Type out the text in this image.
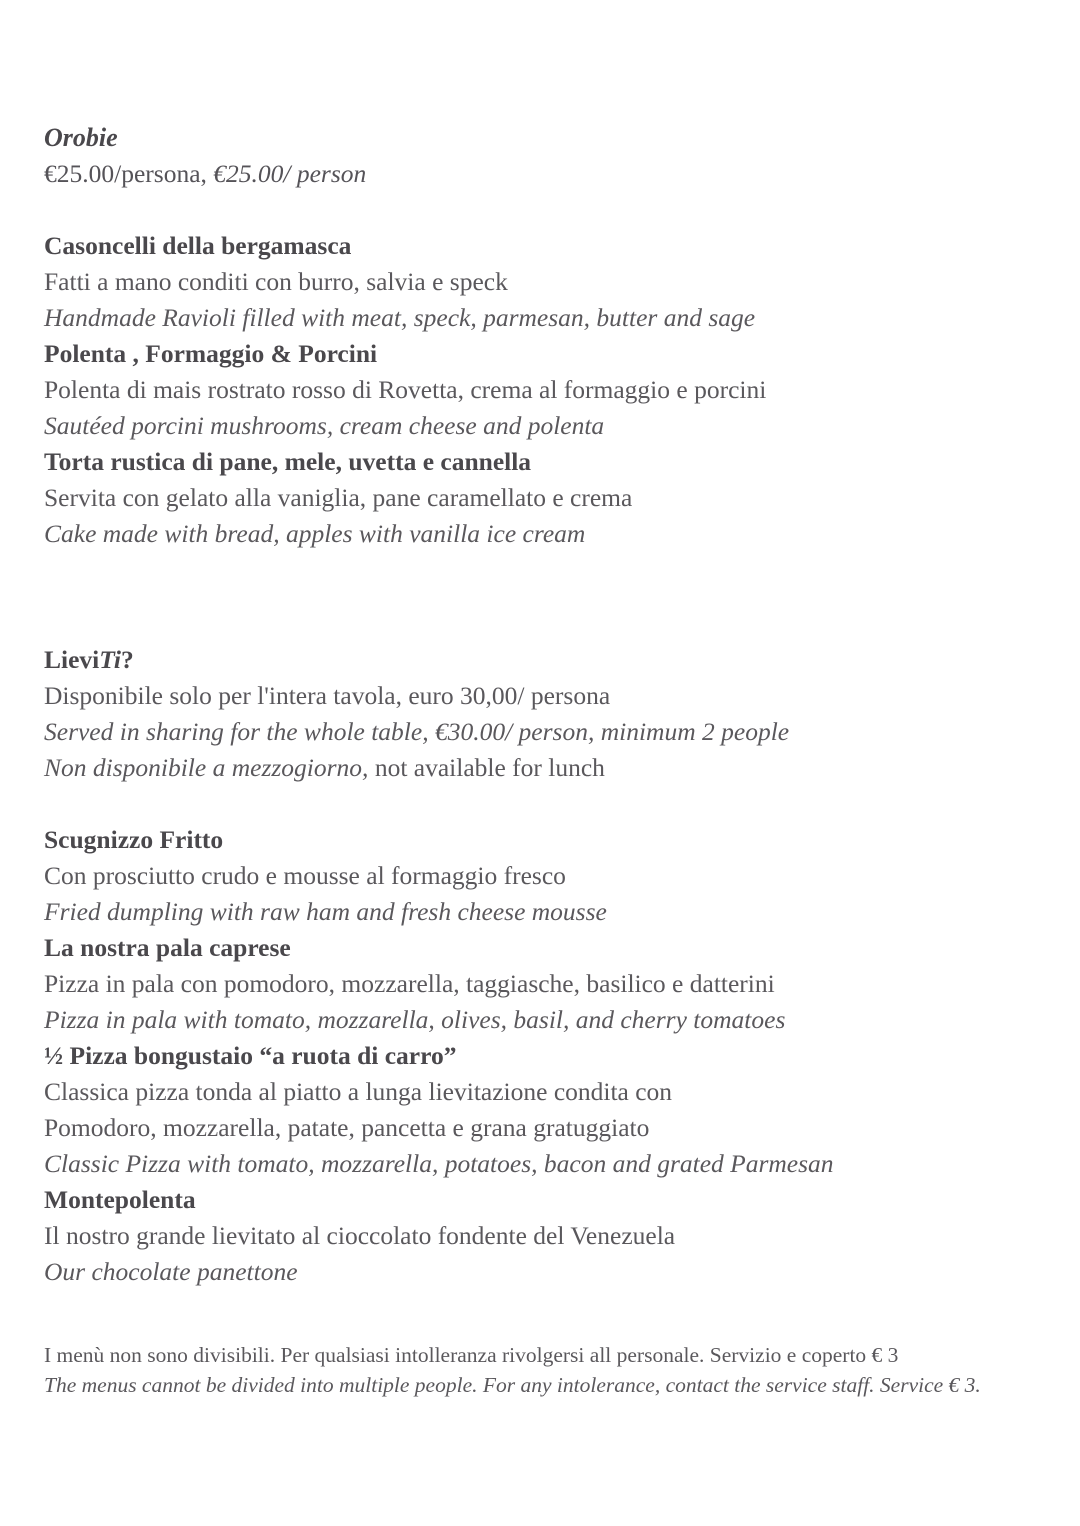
Orobie
€25.00/persona, €25.00/ person
Casoncelli della bergamasca
Fatti a mano conditi con burro, salvia e speck
Handmade Ravioli filled with meat, speck, parmesan, butter and sage
Polenta , Formaggio & Porcini
Polenta di mais rostrato rosso di Rovetta, crema al formaggio e porcini
Sautéed porcini mushrooms, cream cheese and polenta
Torta rustica di pane, mele, uvetta e cannella
Servita con gelato alla vaniglia, pane caramellato e crema
Cake made with bread, apples with vanilla ice cream
LieviTi?
Disponibile solo per l'intera tavola, euro 30,00/ persona
Served in sharing for the whole table, €30.00/ person, minimum 2 people
Non disponibile a mezzogiorno, not available for lunch
Scugnizzo Fritto
Con prosciutto crudo e mousse al formaggio fresco
Fried dumpling with raw ham and fresh cheese mousse
La nostra pala caprese
Pizza in pala con pomodoro, mozzarella, taggiasche, basilico e datterini
Pizza in pala with tomato, mozzarella, olives, basil, and cherry tomatoes
½ Pizza bongustaio “a ruota di carro”
Classica pizza tonda al piatto a lunga lievitazione condita con
Pomodoro, mozzarella, patate, pancetta e grana gratuggiato
Classic Pizza with tomato, mozzarella, potatoes, bacon and grated Parmesan
Montepolenta
Il nostro grande lievitato al cioccolato fondente del Venezuela
Our chocolate panettone
I menù non sono divisibili. Per qualsiasi intolleranza rivolgersi all personale. Servizio e coperto € 3
The menus cannot be divided into multiple people. For any intolerance, contact the service staff. Service € 3.
